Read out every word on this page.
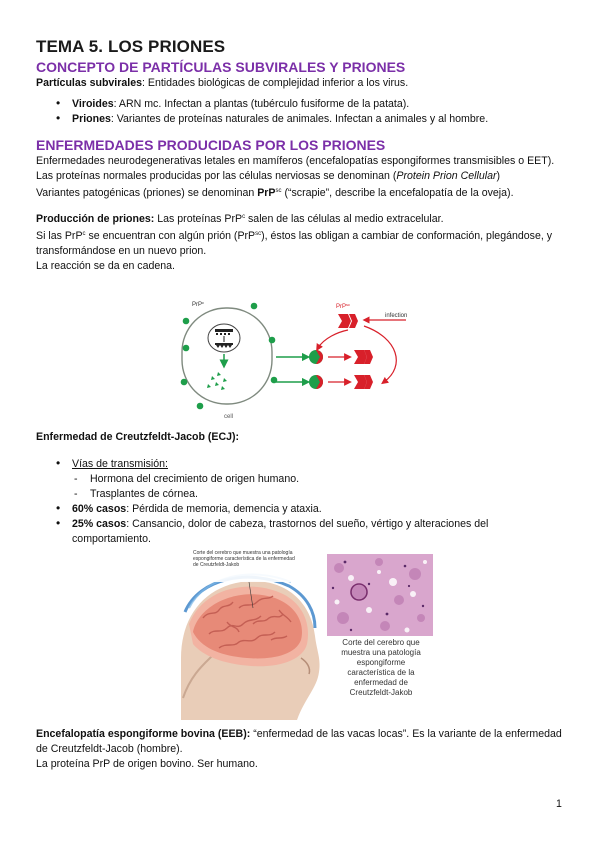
TEMA 5. LOS PRIONES
CONCEPTO DE PARTÍCULAS SUBVIRALES Y PRIONES

Partículas subvirales: Entidades biológicas de complejidad inferior a los virus.

• Viroides: ARN mc. Infectan a plantas (tubérculo fusiforme de la patata).
• Priones: Variantes de proteínas naturales de animales. Infectan a animales y al hombre.
ENFERMEDADES PRODUCIDAS POR LOS PRIONES

Enfermedades neurodegenerativas letales en mamíferos (encefalopatías espongiformes transmisibles o EET).

Las proteínas normales producidas por las células nerviosas se denominan (Protein Prion Cellular)

Variantes patogénicas (priones) se denominan PrP$^{sc}$ (“scrapie”, describe la encefalopatía de la oveja).

Producción de priones: Las proteínas PrP$^c$ salen de las células al medio extracelular.

Si las PrP$^c$ se encuentran con algún prión (PrP$^{sc}$), éstos las obligan a cambiar de conformación, plegándose, y transformándose en un nuevo prion.

La reacción se da en cadena.

PrP$^c$
cell
PrP$^{sc}$
infection

Enfermedad de Creutzfeldt-Jacob (ECJ):

• Vías de transmisión:
- Hormona del crecimiento de origen humano.
- Trasplantes de córnea.
• 60% casos: Pérdida de memoria, demencia y ataxia.
• 25% casos: Cansancio, dolor de cabeza, trastornos del sueño, vértigo y alteraciones del comportamiento.
Corte del cerebro que muestra una patología espongiforme característica de la enfermedad de Creutzfeldt-Jakob
Corte del cerebro que
muestra una patología
espongiforme
característica de la
enfermedad de
Creutzfeldt-Jakob

Encefalopatía espongiforme bovina (EEB): “enfermedad de las vacas locas”. Es la variante de la enfermedad de Creutzfeldt-Jacob (hombre).

La proteína PrP de origen bovino. Ser humano.

1
